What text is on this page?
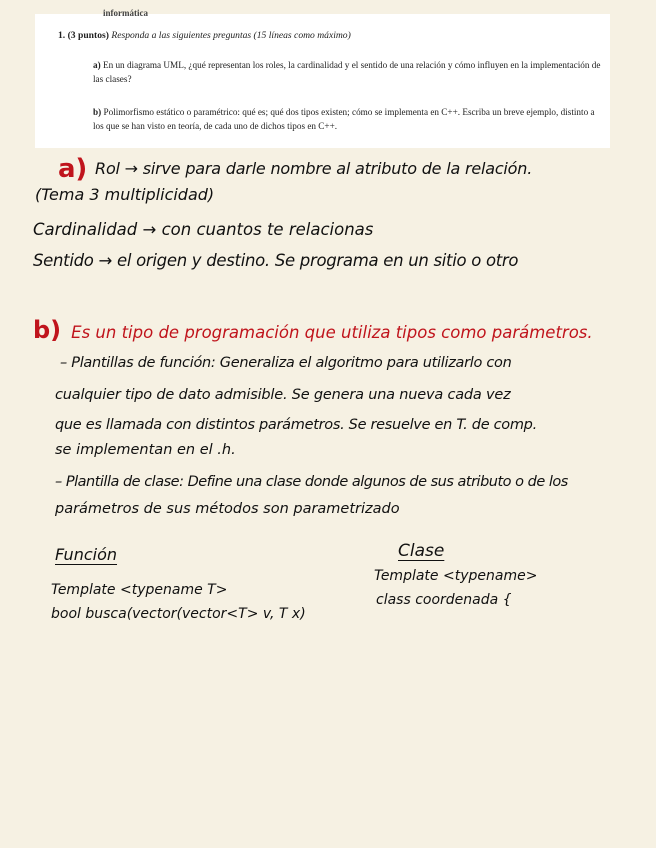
informática
1. (3 puntos) Responda a las siguientes preguntas (15 líneas como máximo)
a) En un diagrama UML, ¿qué representan los roles, la cardinalidad y el sentido de una relación y cómo influyen en la implementación de las clases?
b) Polimorfismo estático o paramétrico: qué es; qué dos tipos existen; cómo se implementa en C++. Escriba un breve ejemplo, distinto a los que se han visto en teoría, de cada uno de dichos tipos en C++.
a) Rol → sirve para darle nombre al atributo de la relación.
(Tema 3 multiplicidad)
Cardinalidad → con cuantos te relacionas
Sentido → el origen y destino. Se programa en un sitio o otro
b) Es un tipo de programación que utiliza tipos como parámetros.
– Plantillas de función: Generaliza el algoritmo para utilizarlo con
cualquier tipo de dato admisible. Se genera una nueva cada vez
que es llamada con distintos parámetros. Se resuelve en T. de comp.
se implementan en el .h.
– Plantilla de clase: Define una clase donde algunos de sus atributo o de los
parámetros de sus métodos son parametrizado
Función	Clase
Template <typename T>
bool busca(vector(vector<T> v, T x)
Template <typename>
class coordenada {
